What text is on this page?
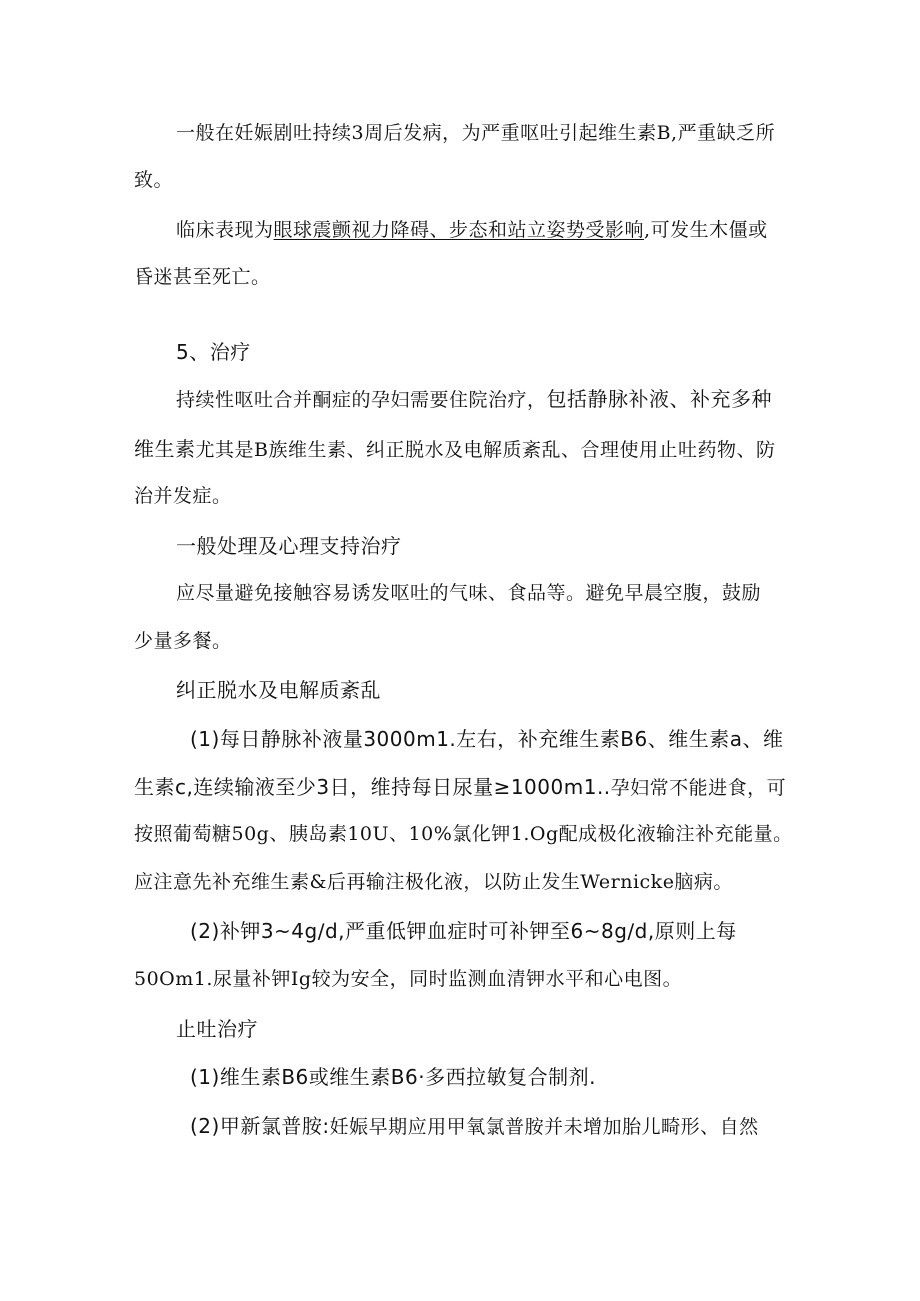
一般在妊娠剧吐持续3周后发病，为严重呕吐引起维生素B,严重缺乏所
致。
临床表现为眼球震颤视力降碍、步态和站立姿势受影响,可发生木僵或
昏迷甚至死亡。
5、治疗
持续性呕吐合并酮症的孕妇需要住院治疗，包括静脉补液、补充多种
维生素尤其是B族维生素、纠正脱水及电解质紊乱、合理使用止吐药物、防
治并发症。
一般处理及心理支持治疗
应尽量避免接触容易诱发呕吐的气味、食品等。避免早晨空腹，鼓励
少量多餐。
纠正脱水及电解质紊乱
(1)每日静脉补液量3000m1.左右，补充维生素B6、维生素a、维
生素c,连续输液至少3日，维持每日尿量≥1000m1..孕妇常不能进食，可
按照葡萄糖50g、胰岛素10U、10%氯化钾1.Og配成极化液输注补充能量。
应注意先补充维生素&后再输注极化液，以防止发生Wernicke脑病。
(2)补钾3~4g∕d,严重低钾血症时可补钾至6~8g∕d,原则上每
50Om1.尿量补钾Ig较为安全，同时监测血清钾水平和心电图。
止吐治疗
(1)维生素B6或维生素B6·多西拉敏复合制剂.
(2)甲新氯普胺:妊娠早期应用甲氧氯普胺并未增加胎儿畸形、自然
